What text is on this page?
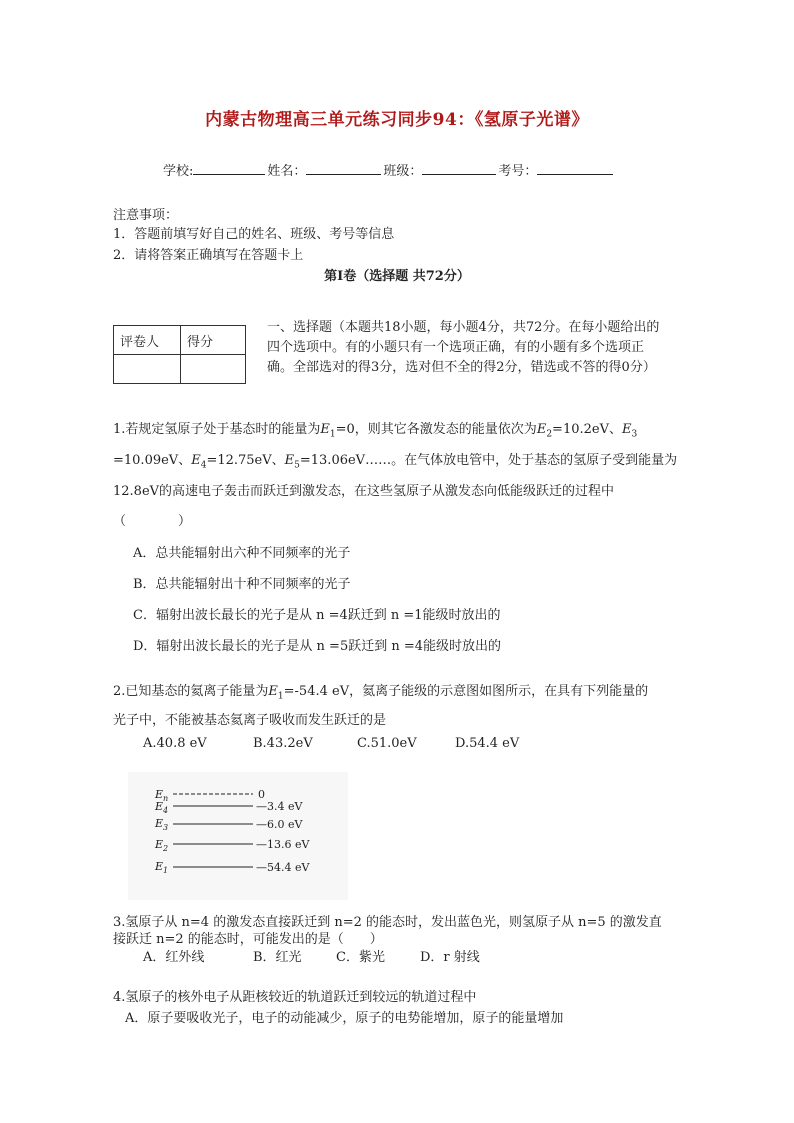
内蒙古物理高三单元练习同步94：《氢原子光谱》
学校:	姓名：	班级：	考号：
注意事项：
1．答题前填写好自己的姓名、班级、考号等信息
2．请将答案正确填写在答题卡上
第I卷（选择题 共72分）
评卷人	得分

一、选择题（本题共18小题，每小题4分，共72分。在每小题给出的四个选项中。有的小题只有一个选项正确，有的小题有多个选项正确。全部选对的得3分，选对但不全的得2分，错选或不答的得0分）
1.若规定氢原子处于基态时的能量为$E_1=0$，则其它各激发态的能量依次为$E_2=10.2eV$、$E_3$
=10.09eV、$E_4=12.75eV$、$E_5=13.06eV\dots\dots$。在气体放电管中，处于基态的氢原子受到能量为
12.8eV的高速电子轰击而跃迁到激发态，在这些氢原子从激发态向低能级跃迁的过程中
（　　　　）
A．总共能辐射出六种不同频率的光子
B．总共能辐射出十种不同频率的光子
C．辐射出波长最长的光子是从 n =4跃迁到 n =1能级时放出的
D．辐射出波长最长的光子是从 n =5跃迁到 n =4能级时放出的
2.已知基态的氦离子能量为$E_1=-54.4$ eV，氦离子能级的示意图如图所示，在具有下列能量的
光子中，不能被基态氦离子吸收而发生跃迁的是
A.40.8 eV	B.43.2eV	C.51.0eV	D.54.4 eV
$E_n$	0
$E_4$	—3.4 eV
$E_3$	—6.0 eV
$E_2$	—13.6 eV
$E_1$	—54.4 eV
3.氢原子从 n=4 的激发态直接跃迁到 n=2 的能态时，发出蓝色光，则氢原子从 n=5 的激发直
接跃迁 n=2 的能态时，可能发出的是（　　）
A．红外线	B．红光	C．紫光	D．r 射线
4.氢原子的核外电子从距核较近的轨道跃迁到较远的轨道过程中
A．原子要吸收光子，电子的动能减少，原子的电势能增加，原子的能量增加
